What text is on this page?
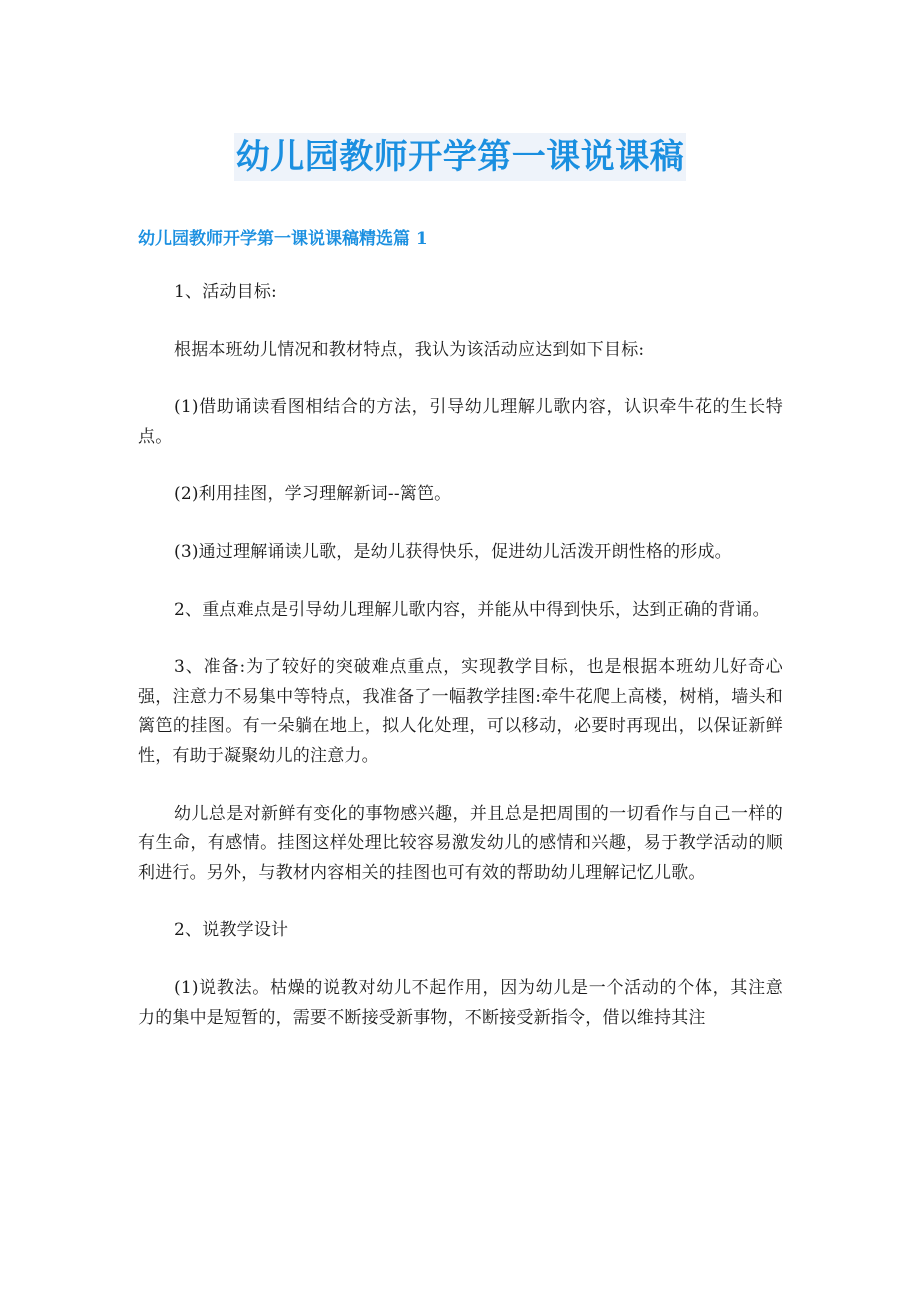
幼儿园教师开学第一课说课稿
幼儿园教师开学第一课说课稿精选篇 1

1、活动目标:

根据本班幼儿情况和教材特点，我认为该活动应达到如下目标:

(1)借助诵读看图相结合的方法，引导幼儿理解儿歌内容，认识牵牛花的生长特点。

(2)利用挂图，学习理解新词--篱笆。

(3)通过理解诵读儿歌，是幼儿获得快乐，促进幼儿活泼开朗性格的形成。

2、重点难点是引导幼儿理解儿歌内容，并能从中得到快乐，达到正确的背诵。

3、准备:为了较好的突破难点重点，实现教学目标，也是根据本班幼儿好奇心强，注意力不易集中等特点，我准备了一幅教学挂图:牵牛花爬上高楼，树梢，墙头和篱笆的挂图。有一朵躺在地上，拟人化处理，可以移动，必要时再现出，以保证新鲜性，有助于凝聚幼儿的注意力。

幼儿总是对新鲜有变化的事物感兴趣，并且总是把周围的一切看作与自己一样的有生命，有感情。挂图这样处理比较容易激发幼儿的感情和兴趣，易于教学活动的顺利进行。另外，与教材内容相关的挂图也可有效的帮助幼儿理解记忆儿歌。

2、说教学设计

(1)说教法。枯燥的说教对幼儿不起作用，因为幼儿是一个活动的个体，其注意力的集中是短暂的，需要不断接受新事物，不断接受新指令，借以维持其注
